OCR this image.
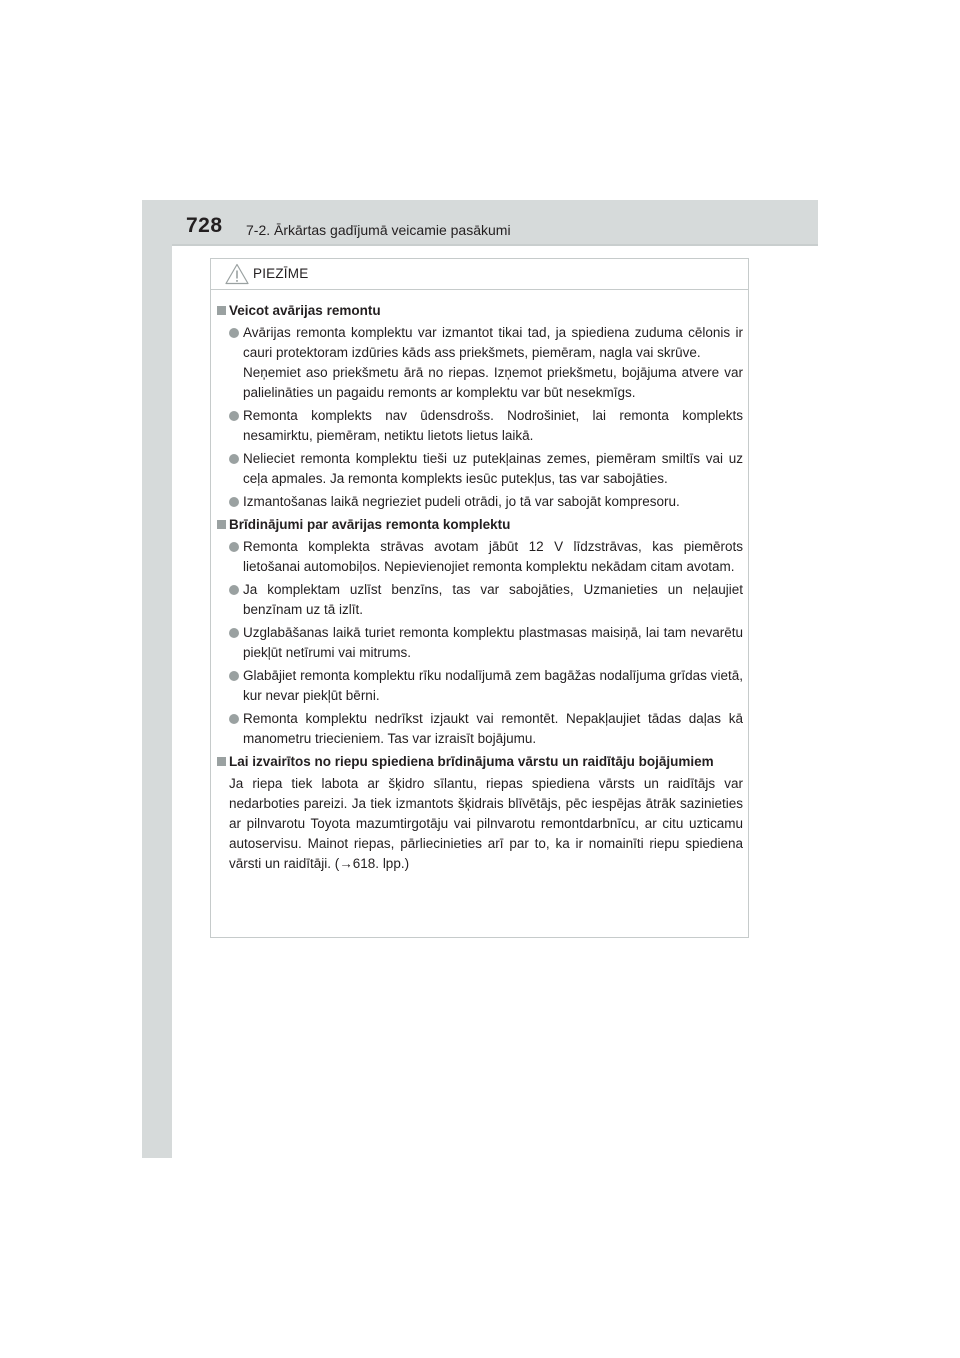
728 7-2. Ārkārtas gadījumā veicamie pasākumi
PIEZĪME
Veicot avārijas remontu

Avārijas remonta komplektu var izmantot tikai tad, ja spiediena zuduma cēlonis ir cauri protektoram izdūries kāds ass priekšmets, piemēram, nagla vai skrūve.

Neņemiet aso priekšmetu ārā no riepas. Izņemot priekšmetu, bojājuma atvere var palielināties un pagaidu remonts ar komplektu var būt nesekmīgs.

Remonta komplekts nav ūdensdrošs. Nodrošiniet, lai remonta komplekts nesamirktu, piemēram, netiktu lietots lietus laikā.

Nelieciet remonta komplektu tieši uz putekļainas zemes, piemēram smiltīs vai uz ceļa apmales. Ja remonta komplekts iesūc putekļus, tas var sabojāties.

Izmantošanas laikā negrieziet pudeli otrādi, jo tā var sabojāt kompresoru.

Brīdinājumi par avārijas remonta komplektu

Remonta komplekta strāvas avotam jābūt 12 V līdzstrāvas, kas piemērots lietošanai automobiļos. Nepievienojiet remonta komplektu nekādam citam avotam.

Ja komplektam uzlīst benzīns, tas var sabojāties, Uzmanieties un neļaujiet benzīnam uz tā izlīt.

Uzglabāšanas laikā turiet remonta komplektu plastmasas maisiņā, lai tam nevarētu piekļūt netīrumi vai mitrums.

Glabājiet remonta komplektu rīku nodalījumā zem bagāžas nodalījuma grīdas vietā, kur nevar piekļūt bērni.

Remonta komplektu nedrīkst izjaukt vai remontēt. Nepakļaujiet tādas daļas kā manometru triecieniem. Tas var izraisīt bojājumu.

Lai izvairītos no riepu spiediena brīdinājuma vārstu un raidītāju bojājumiem
Ja riepa tiek labota ar šķidro sīlantu, riepas spiediena vārsts un raidītājs var nedarboties pareizi. Ja tiek izmantots šķidrais blīvētājs, pēc iespējas ātrāk sazinieties ar pilnvarotu Toyota mazumtirgotāju vai pilnvarotu remontdarbnīcu, ar citu uzticamu autoservisu. Mainot riepas, pārliecinieties arī par to, ka ir nomainīti riepu spiediena vārsti un raidītāji. (→618. lpp.)
